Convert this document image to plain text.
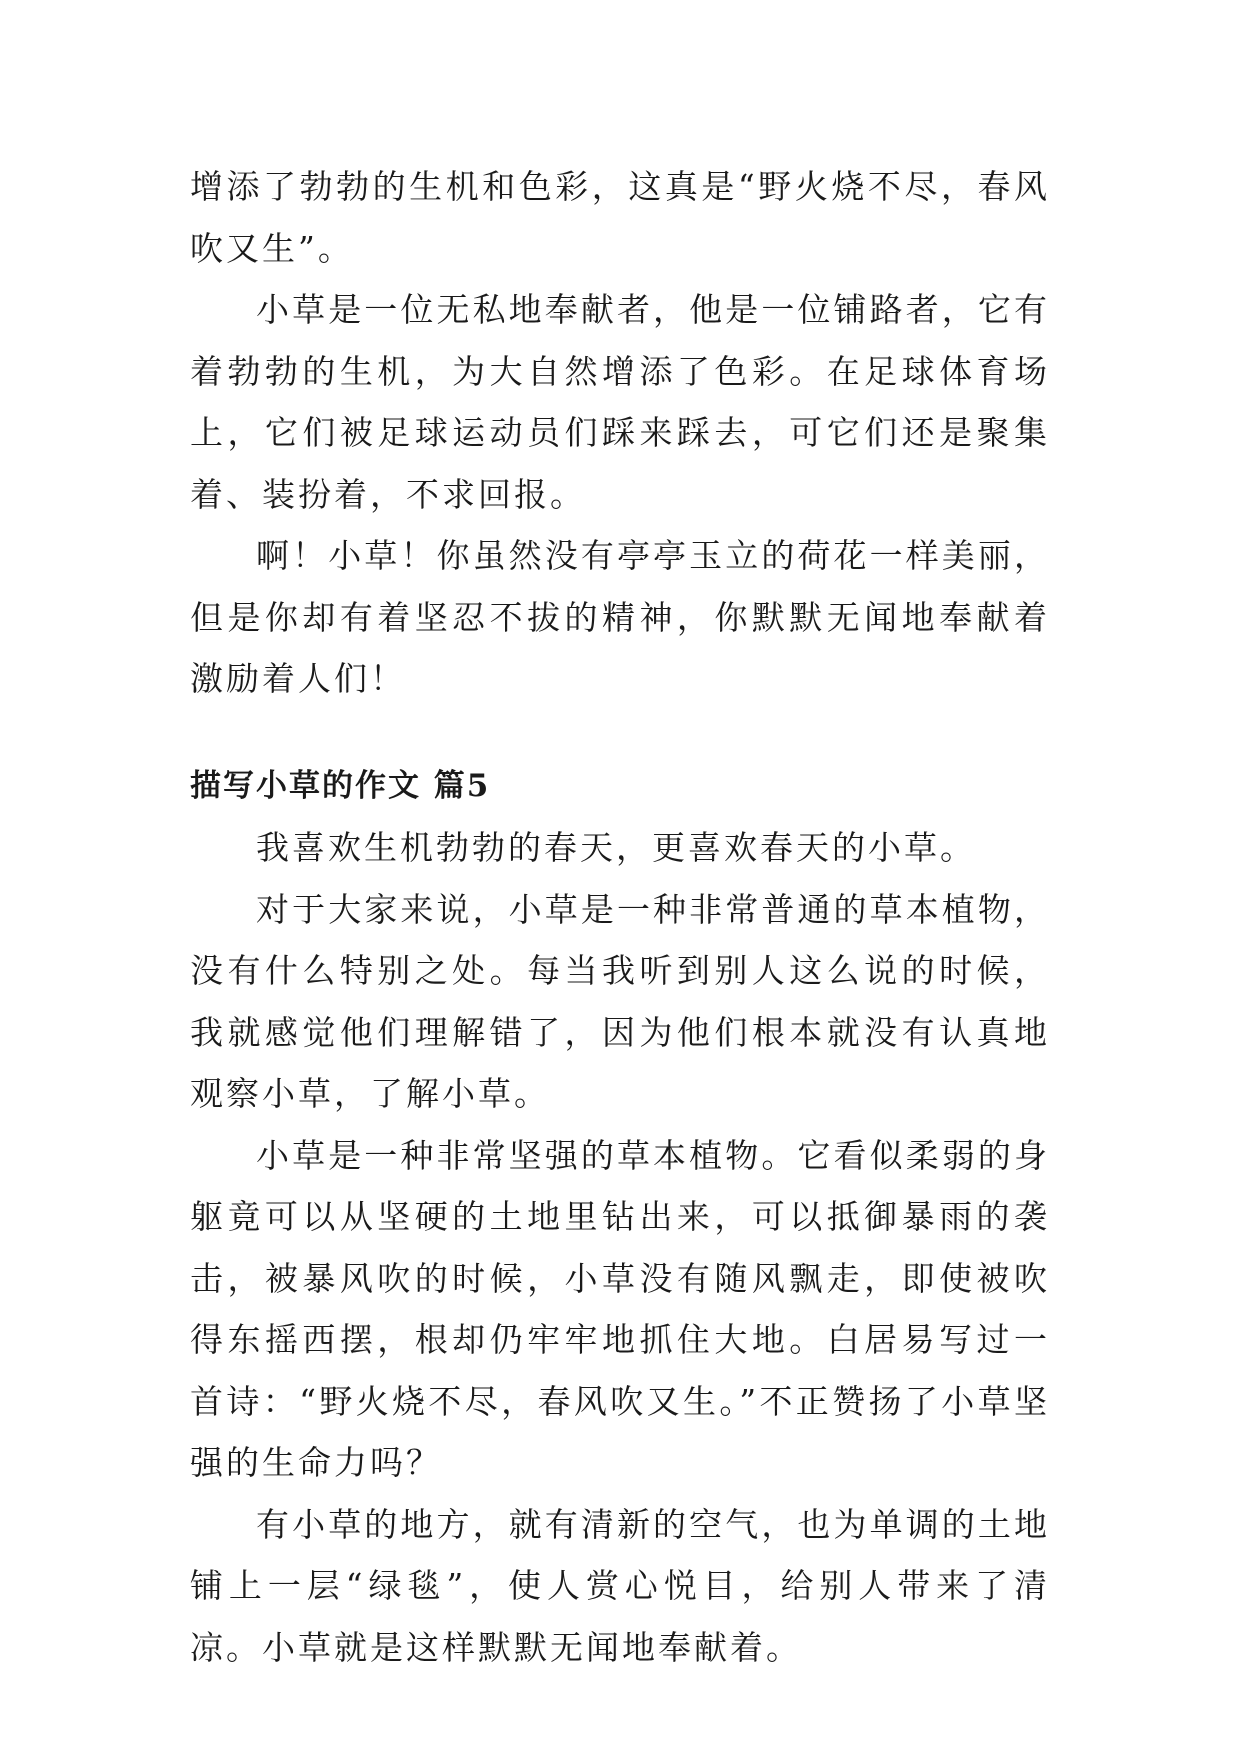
增添了勃勃的生机和色彩，这真是“野火烧不尽，春风吹又生”。

小草是一位无私地奉献者，他是一位铺路者，它有着勃勃的生机，为大自然增添了色彩。在足球体育场上，它们被足球运动员们踩来踩去，可它们还是聚集着、装扮着，不求回报。

啊！小草！你虽然没有亭亭玉立的荷花一样美丽，但是你却有着坚忍不拔的精神，你默默无闻地奉献着激励着人们！

描写小草的作文 篇5

我喜欢生机勃勃的春天，更喜欢春天的小草。

对于大家来说，小草是一种非常普通的草本植物，没有什么特别之处。每当我听到别人这么说的时候，我就感觉他们理解错了，因为他们根本就没有认真地观察小草，了解小草。

小草是一种非常坚强的草本植物。它看似柔弱的身躯竟可以从坚硬的土地里钻出来，可以抵御暴雨的袭击，被暴风吹的时候，小草没有随风飘走，即使被吹得东摇西摆，根却仍牢牢地抓住大地。白居易写过一首诗：“野火烧不尽，春风吹又生。”不正赞扬了小草坚强的生命力吗？

有小草的地方，就有清新的空气，也为单调的土地铺上一层“绿毯”，使人赏心悦目，给别人带来了清凉。小草就是这样默默无闻地奉献着。
